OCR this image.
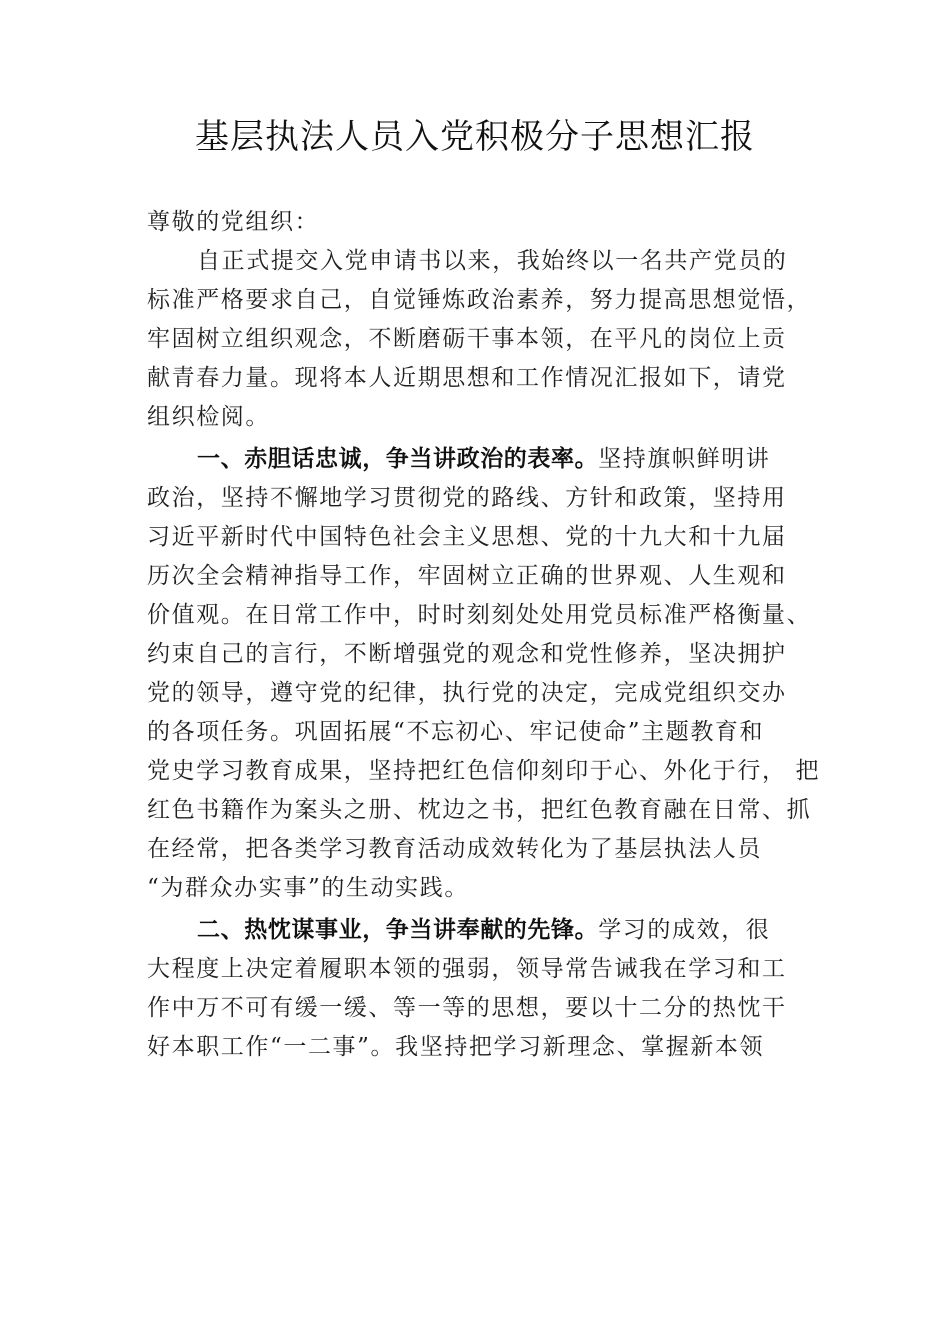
基层执法人员入党积极分子思想汇报
尊敬的党组织：
自正式提交入党申请书以来，我始终以一名共产党员的
标准严格要求自己，自觉锤炼政治素养，努力提高思想觉悟，
牢固树立组织观念，不断磨砺干事本领，在平凡的岗位上贡
献青春力量。现将本人近期思想和工作情况汇报如下，请党
组织检阅。
一、赤胆话忠诚，争当讲政治的表率。坚持旗帜鲜明讲
政治，坚持不懈地学习贯彻党的路线、方针和政策，坚持用
习近平新时代中国特色社会主义思想、党的十九大和十九届
历次全会精神指导工作，牢固树立正确的世界观、人生观和
价值观。在日常工作中，时时刻刻处处用党员标准严格衡量、
约束自己的言行，不断增强党的观念和党性修养，坚决拥护
党的领导，遵守党的纪律，执行党的决定，完成党组织交办
的各项任务。巩固拓展“不忘初心、牢记使命”主题教育和
党史学习教育成果，坚持把红色信仰刻印于心、外化于行， 把
红色书籍作为案头之册、枕边之书，把红色教育融在日常、抓
在经常，把各类学习教育活动成效转化为了基层执法人员
“为群众办实事”的生动实践。
二、热忱谋事业，争当讲奉献的先锋。学习的成效，很
大程度上决定着履职本领的强弱，领导常告诫我在学习和工
作中万不可有缓一缓、等一等的思想，要以十二分的热忱干
好本职工作“一二事”。我坚持把学习新理念、掌握新本领
